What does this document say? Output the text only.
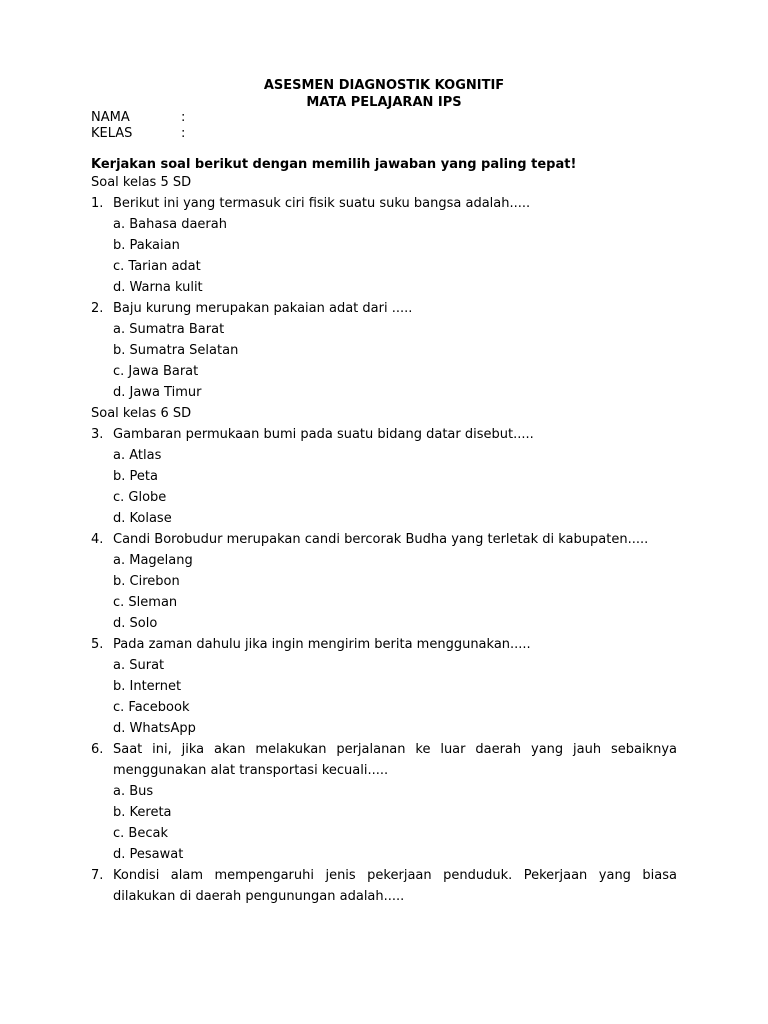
ASESMEN DIAGNOSTIK KOGNITIF
MATA PELAJARAN IPS
NAMA	:
KELAS	:
Kerjakan soal berikut dengan memilih jawaban yang paling tepat!
Soal kelas 5 SD
1. Berikut ini yang termasuk ciri fisik suatu suku bangsa adalah.....
a. Bahasa daerah
b. Pakaian
c. Tarian adat
d. Warna kulit
2. Baju kurung merupakan pakaian adat dari .....
a. Sumatra Barat
b. Sumatra Selatan
c. Jawa Barat
d. Jawa Timur
Soal kelas 6 SD
3. Gambaran permukaan bumi pada suatu bidang datar disebut.....
a. Atlas
b. Peta
c. Globe
d. Kolase
4. Candi Borobudur merupakan candi bercorak Budha yang terletak di kabupaten.....
a. Magelang
b. Cirebon
c. Sleman
d. Solo
5. Pada zaman dahulu jika ingin mengirim berita menggunakan.....
a. Surat
b. Internet
c. Facebook
d. WhatsApp
6. Saat ini, jika akan melakukan perjalanan ke luar daerah yang jauh sebaiknya menggunakan alat transportasi kecuali.....
a. Bus
b. Kereta
c. Becak
d. Pesawat
7. Kondisi alam mempengaruhi jenis pekerjaan penduduk. Pekerjaan yang biasa dilakukan di daerah pengunungan adalah.....
